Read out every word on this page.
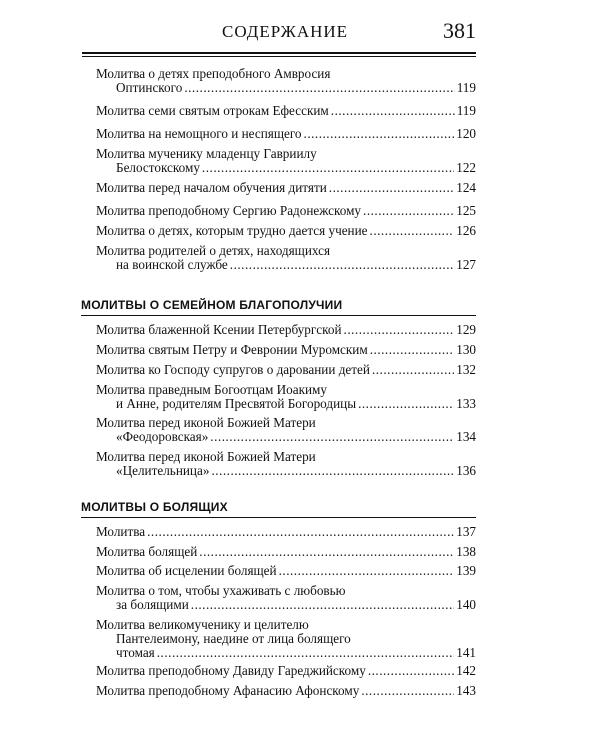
СОДЕРЖАНИЕ	381
Молитва о детях преподобного Амвросия
Оптинского .....	119
Молитва семи святым отрокам Ефесским .....	119
Молитва на немощного и неспящего .....	120
Молитва мученику младенцу Гавриилу
Белостокскому .....	122
Молитва перед началом обучения дитяти .....	124
Молитва преподобному Сергию Радонежскому .....	125
Молитва о детях, которым трудно дается учение .....	126
Молитва родителей о детях, находящихся
на воинской службе .....	127
МОЛИТВЫ О СЕМЕЙНОМ БЛАГОПОЛУЧИИ
Молитва блаженной Ксении Петербургской .....	129
Молитва святым Петру и Февронии Муромским .....	130
Молитва ко Господу супругов о даровании детей .....	132
Молитва праведным Богоотцам Иоакиму
и Анне, родителям Пресвятой Богородицы .....	133
Молитва перед иконой Божией Матери
«Феодоровская» .....	134
Молитва перед иконой Божией Матери
«Целительница» .....	136
МОЛИТВЫ О БОЛЯЩИХ
Молитва .....	137
Молитва болящей .....	138
Молитва об исцелении болящей .....	139
Молитва о том, чтобы ухаживать с любовью
за болящими .....	140
Молитва великомученику и целителю
Пантелеимону, наедине от лица болящего
чтомая .....	141
Молитва преподобному Давиду Гареджийскому .....	142
Молитва преподобному Афанасию Афонскому .....	143
